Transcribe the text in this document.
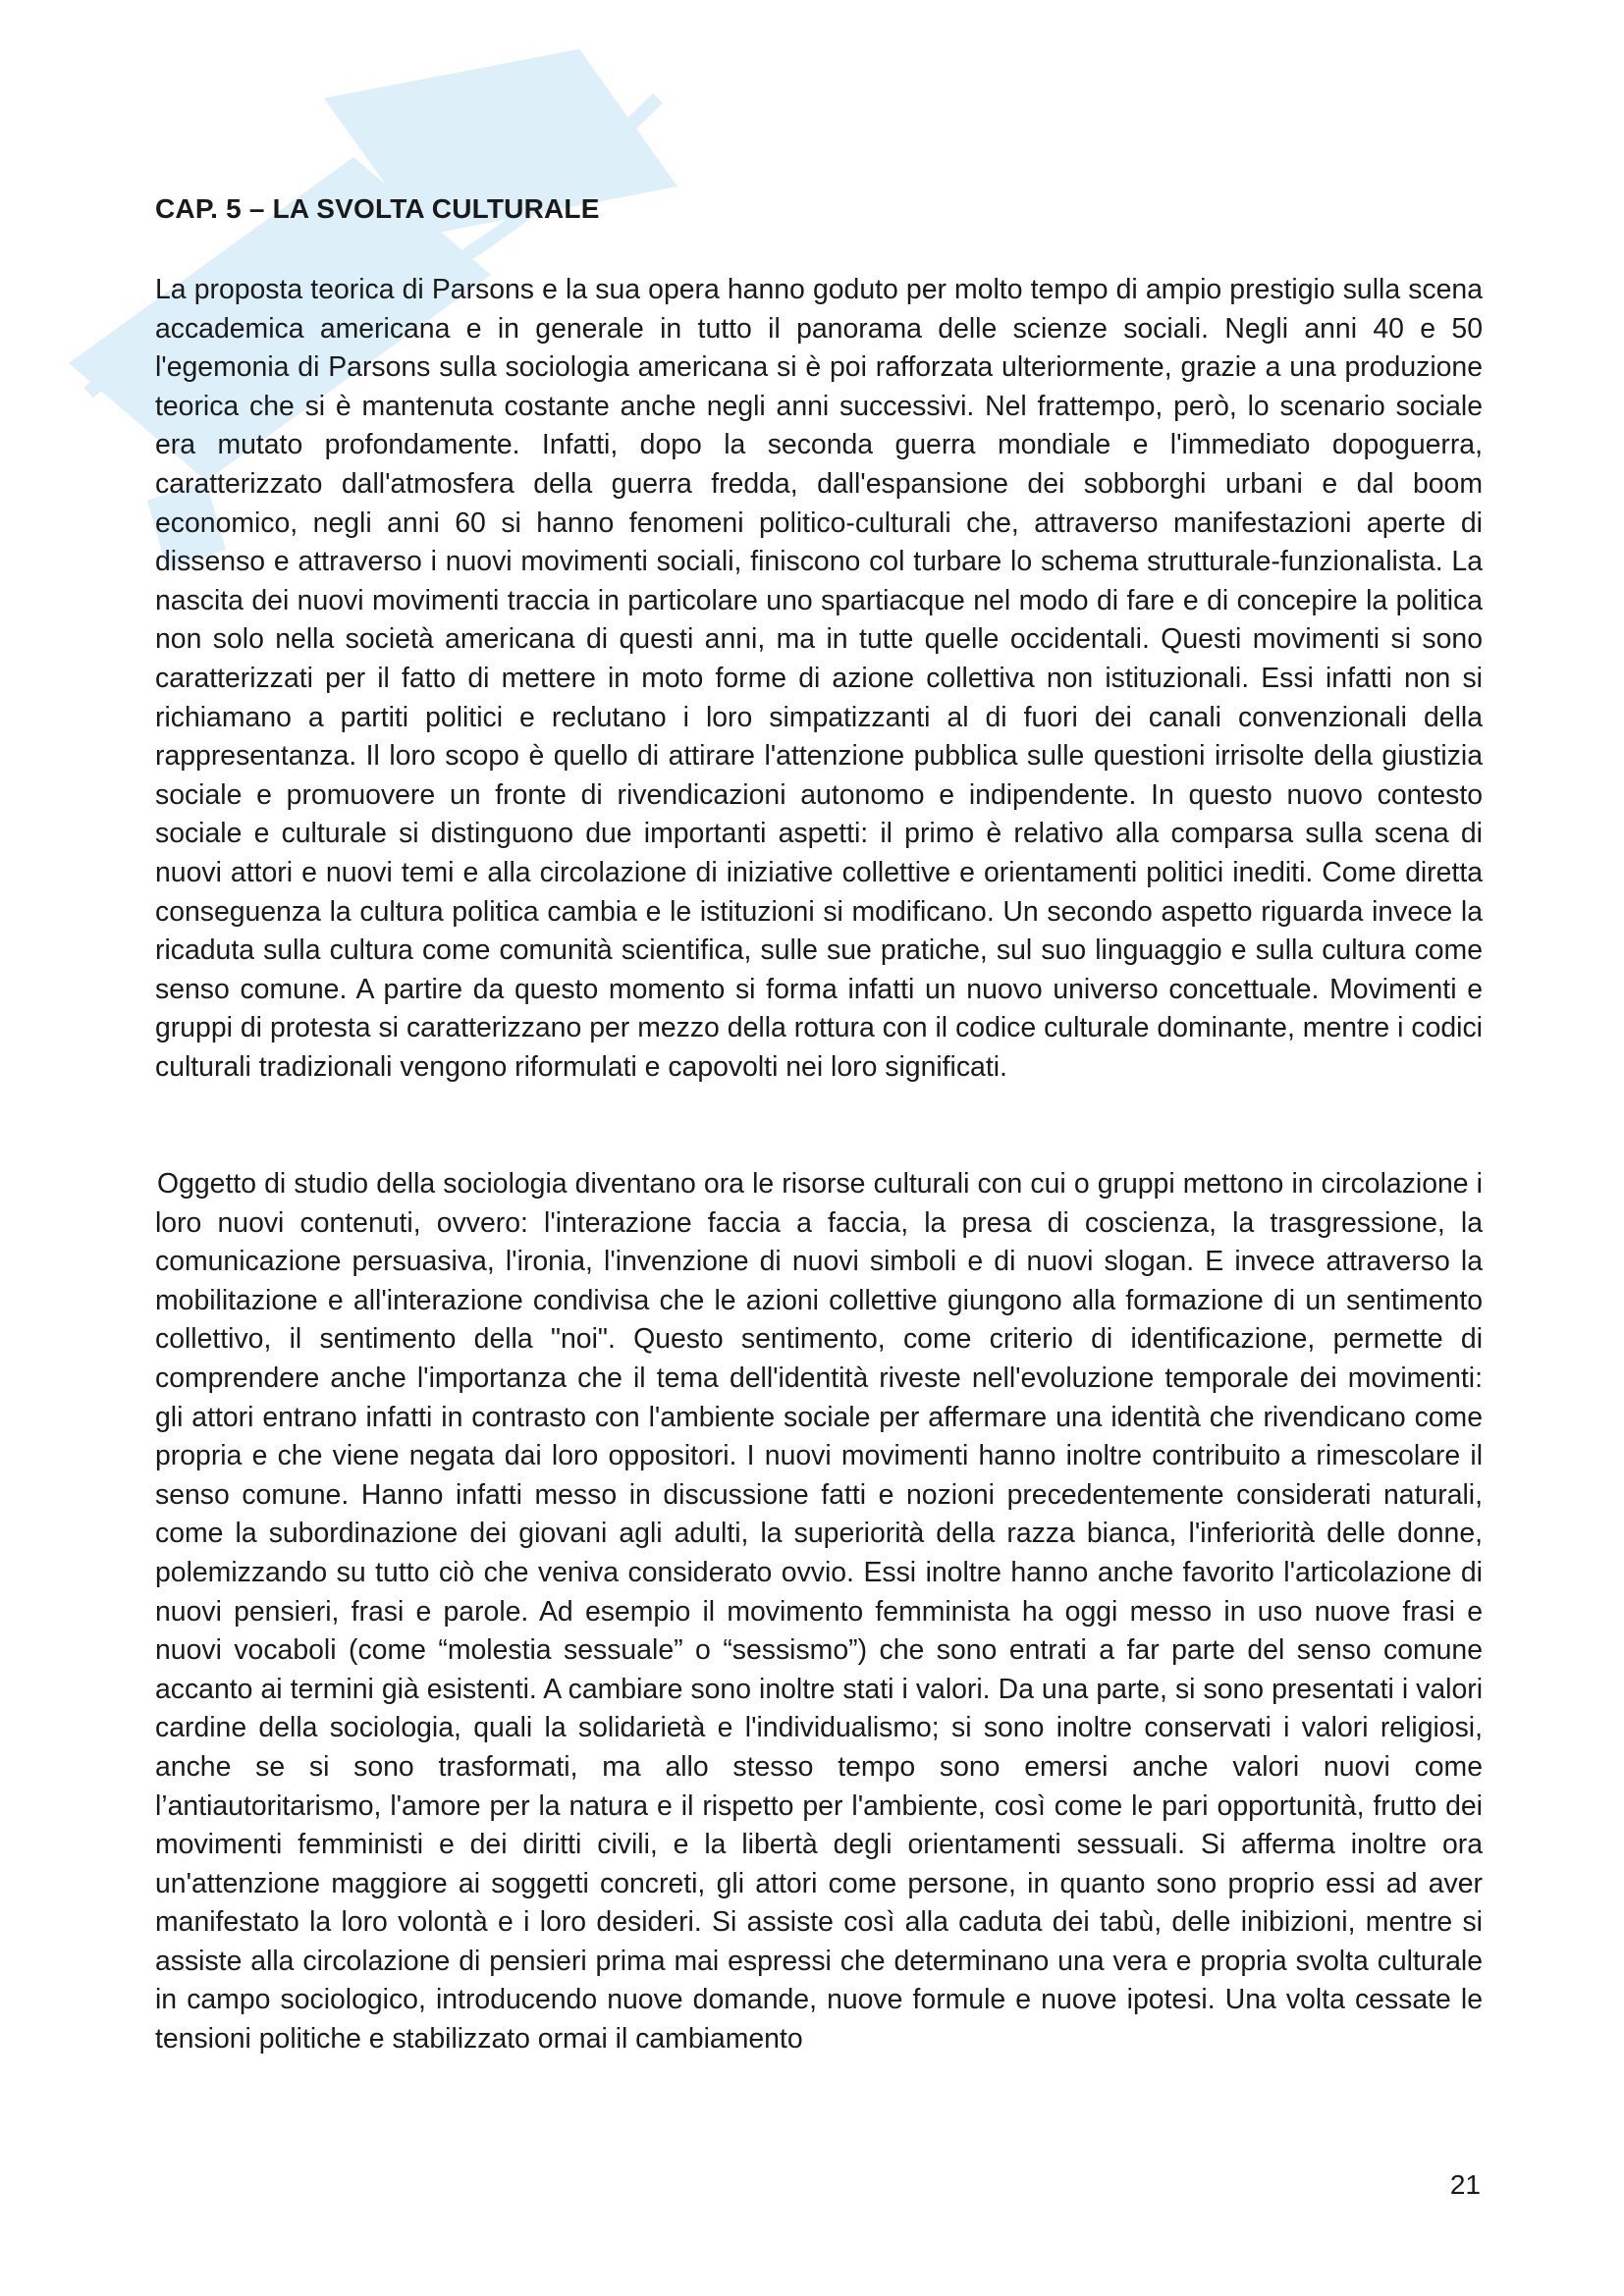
CAP. 5 – LA SVOLTA CULTURALE

La proposta teorica di Parsons e la sua opera hanno goduto per molto tempo di ampio prestigio sulla scena accademica americana e in generale in tutto il panorama delle scienze sociali. Negli anni 40 e 50 l'egemonia di Parsons sulla sociologia americana si è poi rafforzata ulteriormente, grazie a una produzione teorica che si è mantenuta costante anche negli anni successivi. Nel frattempo, però, lo scenario sociale era mutato profondamente. Infatti, dopo la seconda guerra mondiale e l'immediato dopoguerra, caratterizzato dall'atmosfera della guerra fredda, dall'espansione dei sobborghi urbani e dal boom economico, negli anni 60 si hanno fenomeni politico-culturali che, attraverso manifestazioni aperte di dissenso e attraverso i nuovi movimenti sociali, finiscono col turbare lo schema strutturale-funzionalista. La nascita dei nuovi movimenti traccia in particolare uno spartiacque nel modo di fare e di concepire la politica non solo nella società americana di questi anni, ma in tutte quelle occidentali. Questi movimenti si sono caratterizzati per il fatto di mettere in moto forme di azione collettiva non istituzionali. Essi infatti non si richiamano a partiti politici e reclutano i loro simpatizzanti al di fuori dei canali convenzionali della rappresentanza. Il loro scopo è quello di attirare l'attenzione pubblica sulle questioni irrisolte della giustizia sociale e promuovere un fronte di rivendicazioni autonomo e indipendente. In questo nuovo contesto sociale e culturale si distinguono due importanti aspetti: il primo è relativo alla comparsa sulla scena di nuovi attori e nuovi temi e alla circolazione di iniziative collettive e orientamenti politici inediti. Come diretta conseguenza la cultura politica cambia e le istituzioni si modificano. Un secondo aspetto riguarda invece la ricaduta sulla cultura come comunità scientifica, sulle sue pratiche, sul suo linguaggio e sulla cultura come senso comune. A partire da questo momento si forma infatti un nuovo universo concettuale. Movimenti e gruppi di protesta si caratterizzano per mezzo della rottura con il codice culturale dominante, mentre i codici culturali tradizionali vengono riformulati e capovolti nei loro significati.

Oggetto di studio della sociologia diventano ora le risorse culturali con cui o gruppi mettono in circolazione i loro nuovi contenuti, ovvero: l'interazione faccia a faccia, la presa di coscienza, la trasgressione, la comunicazione persuasiva, l'ironia, l'invenzione di nuovi simboli e di nuovi slogan. E invece attraverso la mobilitazione e all'interazione condivisa che le azioni collettive giungono alla formazione di un sentimento collettivo, il sentimento della "noi". Questo sentimento, come criterio di identificazione, permette di comprendere anche l'importanza che il tema dell'identità riveste nell'evoluzione temporale dei movimenti: gli attori entrano infatti in contrasto con l'ambiente sociale per affermare una identità che rivendicano come propria e che viene negata dai loro oppositori. I nuovi movimenti hanno inoltre contribuito a rimescolare il senso comune. Hanno infatti messo in discussione fatti e nozioni precedentemente considerati naturali, come la subordinazione dei giovani agli adulti, la superiorità della razza bianca, l'inferiorità delle donne, polemizzando su tutto ciò che veniva considerato ovvio. Essi inoltre hanno anche favorito l'articolazione di nuovi pensieri, frasi e parole. Ad esempio il movimento femminista ha oggi messo in uso nuove frasi e nuovi vocaboli (come “molestia sessuale” o “sessismo”) che sono entrati a far parte del senso comune accanto ai termini già esistenti. A cambiare sono inoltre stati i valori. Da una parte, si sono presentati i valori cardine della sociologia, quali la solidarietà e l'individualismo; si sono inoltre conservati i valori religiosi, anche se si sono trasformati, ma allo stesso tempo sono emersi anche valori nuovi come l’antiautoritarismo, l'amore per la natura e il rispetto per l'ambiente, così come le pari opportunità, frutto dei movimenti femministi e dei diritti civili, e la libertà degli orientamenti sessuali. Si afferma inoltre ora un'attenzione maggiore ai soggetti concreti, gli attori come persone, in quanto sono proprio essi ad aver manifestato la loro volontà e i loro desideri. Si assiste così alla caduta dei tabù, delle inibizioni, mentre si assiste alla circolazione di pensieri prima mai espressi che determinano una vera e propria svolta culturale in campo sociologico, introducendo nuove domande, nuove formule e nuove ipotesi. Una volta cessate le tensioni politiche e stabilizzato ormai il cambiamento

21
